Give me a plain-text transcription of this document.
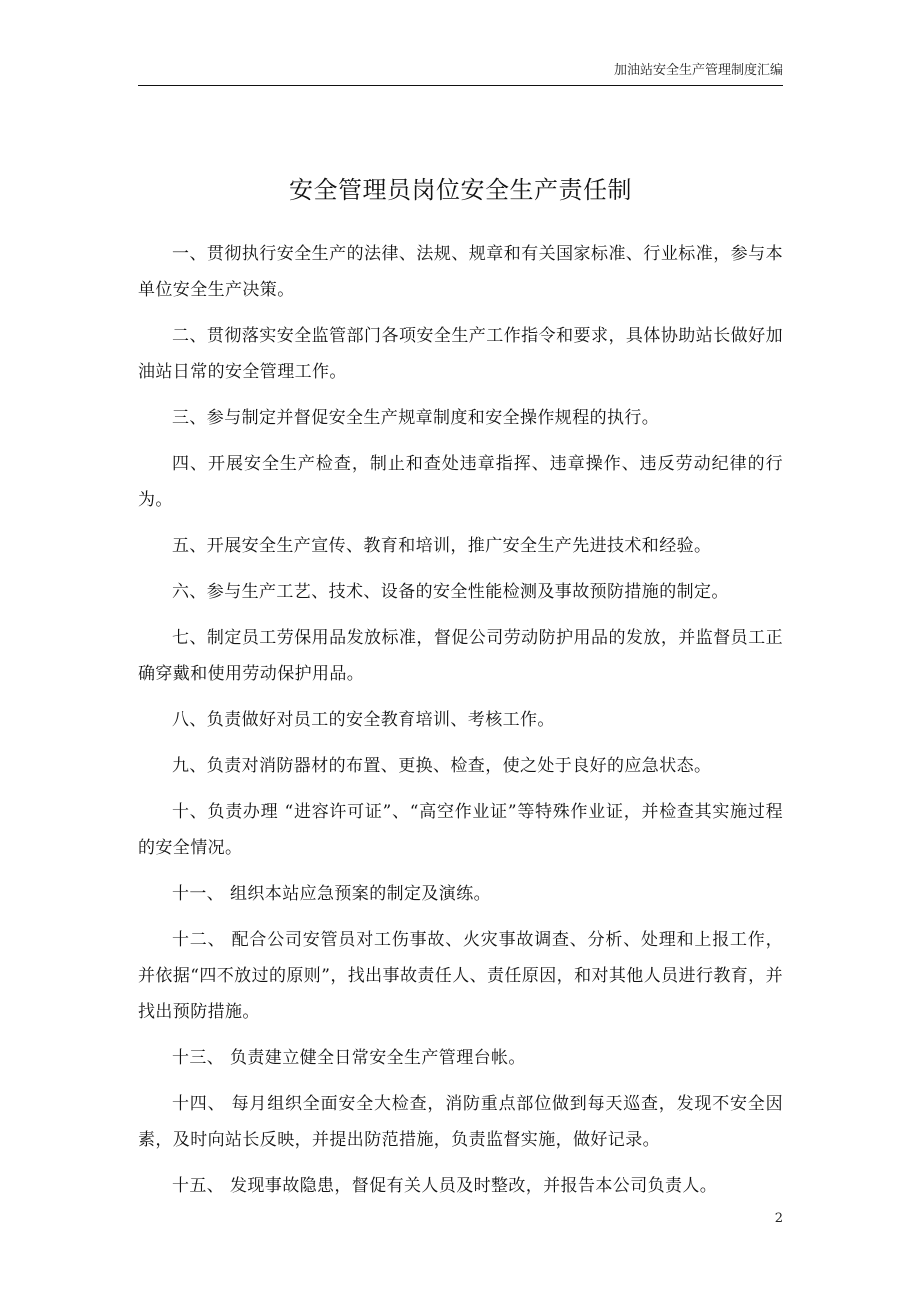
加油站安全生产管理制度汇编
安全管理员岗位安全生产责任制

一、贯彻执行安全生产的法律、法规、规章和有关国家标准、行业标准，参与本单位安全生产决策。

二、贯彻落实安全监管部门各项安全生产工作指令和要求，具体协助站长做好加油站日常的安全管理工作。

三、参与制定并督促安全生产规章制度和安全操作规程的执行。

四、开展安全生产检查，制止和查处违章指挥、违章操作、违反劳动纪律的行为。

五、开展安全生产宣传、教育和培训，推广安全生产先进技术和经验。

六、参与生产工艺、技术、设备的安全性能检测及事故预防措施的制定。

七、制定员工劳保用品发放标准，督促公司劳动防护用品的发放，并监督员工正确穿戴和使用劳动保护用品。

八、负责做好对员工的安全教育培训、考核工作。

九、负责对消防器材的布置、更换、检查，使之处于良好的应急状态。

十、负责办理 “进容许可证”、“高空作业证”等特殊作业证，并检查其实施过程的安全情况。

十一、 组织本站应急预案的制定及演练。

十二、 配合公司安管员对工伤事故、火灾事故调查、分析、处理和上报工作，并依据“四不放过的原则”，找出事故责任人、责任原因，和对其他人员进行教育，并找出预防措施。

十三、 负责建立健全日常安全生产管理台帐。

十四、 每月组织全面安全大检查，消防重点部位做到每天巡查，发现不安全因素，及时向站长反映，并提出防范措施，负责监督实施，做好记录。

十五、 发现事故隐患，督促有关人员及时整改，并报告本公司负责人。

2
